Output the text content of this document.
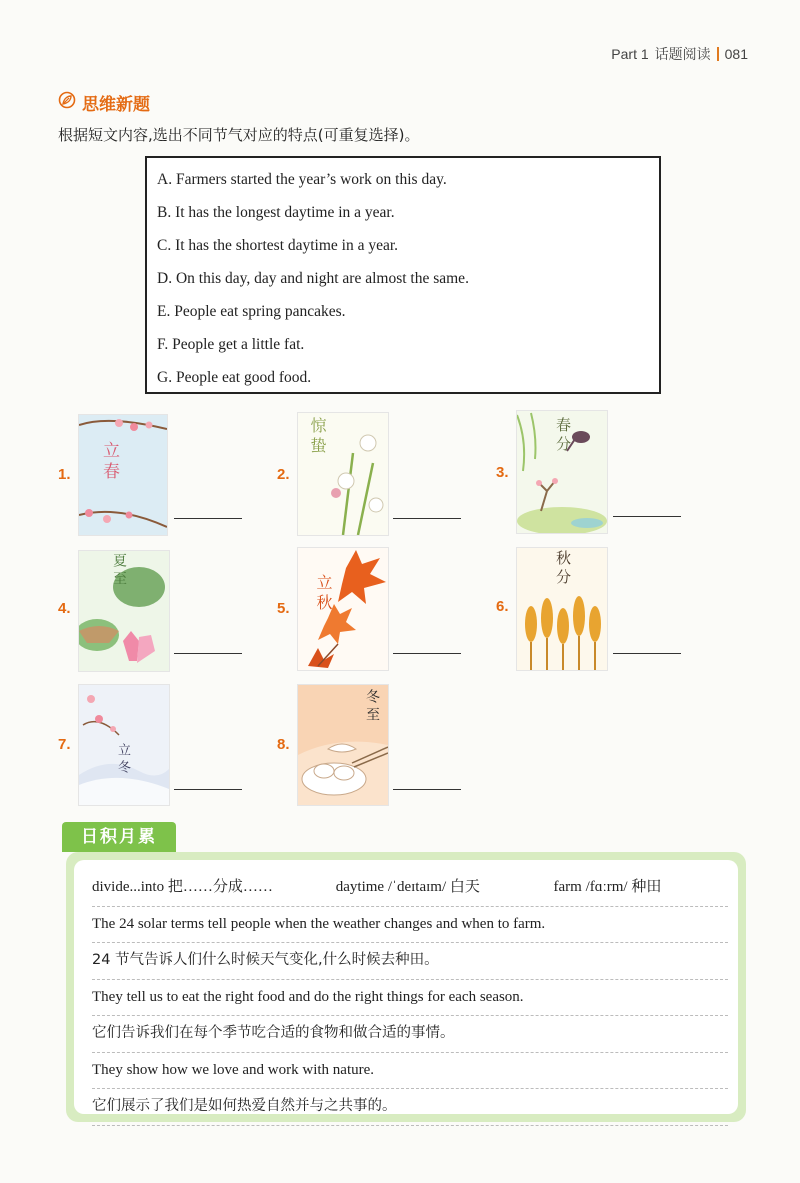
Part 1 话题阅读 081
思维新题
根据短文内容,选出不同节气对应的特点(可重复选择)。
A. Farmers started the year’s work on this day.
B. It has the longest daytime in a year.
C. It has the shortest daytime in a year.
D. On this day, day and night are almost the same.
E. People eat spring pancakes.
F. People get a little fat.
G. People eat good food.
1. 立春	2.
惊蛰
3.
春分
4.
夏至
5. 立秋	6.
秋分
7.	立冬	8.
冬至
日积月累
divide...into 把……分成……	daytime /ˈdeɪtaɪm/ 白天	farm /fɑːrm/ 种田
The 24 solar terms tell people when the weather changes and when to farm.
24 节气告诉人们什么时候天气变化,什么时候去种田。
They tell us to eat the right food and do the right things for each season.
它们告诉我们在每个季节吃合适的食物和做合适的事情。
They show how we love and work with nature.
它们展示了我们是如何热爱自然并与之共事的。
